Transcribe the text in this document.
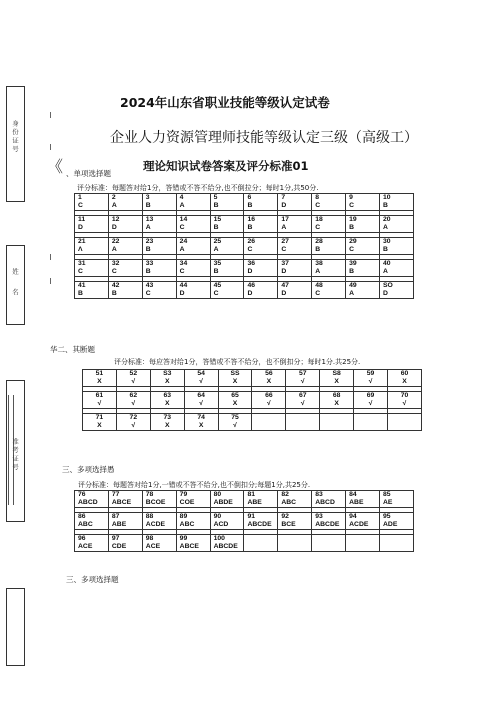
身份证号
姓名
准考证号
2024年山东省职业技能等级认定试卷
企业人力资源管理师技能等级认定三级（高级工）
《	理论知识试卷答案及评分标准01
、单项选择题
评分标准：每题答对给1分，答错或不答不给分,也不倒拉分；每时1分,共50分.
1	2	3	4	5	6	7	8	9	10
C	A	B	A	B	B	D	C	C	B

11	12	13	14	15	16	17	18	19	20
D	D	A	C	B	B	A	C	B	A

21	22	23	24	25	26	27	28	29	30
Λ	A	B	A	A	C	C	B	C	B

31	32	33	34	35	36	37	38	39	40
C	C	B	C	B	D	D	A	B	A

41	42	43	44	45	46	47	48	49	SO
B	B	C	D	C	D	D	C	A	D
华二、其断题
评分标准：每应答对给1分，答错或不答不给分，也不倒扣分；每时1分.共25分.
51	52	S3	54	SS	56	57	S8	59	60
X	√	X	√	X	X	√	X	√	X

61	62	63	64	65	66	67	68	69	70
√	√	X	√	X	√	√	X	√	√

71	72	73	74	75					
X	√	X	X	√					
三、多项选择愚
评分标准：每题答对给1分,一错或不答不给分,也不倒扣分;每题1分,共25分.
76	77	78	79	80	81	82	83	84	85
ABCD	ABCE	BCOE	COE	ABDE	ABE	ABC	ABCD	ABE	AE

86	87	88	89	90	91	92	93	94	95
ABC	ABE	ACDE	ABC	ACD	ABCDE	BCE	ABCDE	ACDE	ADE

96	97	98	99	100					
ACE	CDE	ACE	ABCE	ABCDE					
三、多项选择题
